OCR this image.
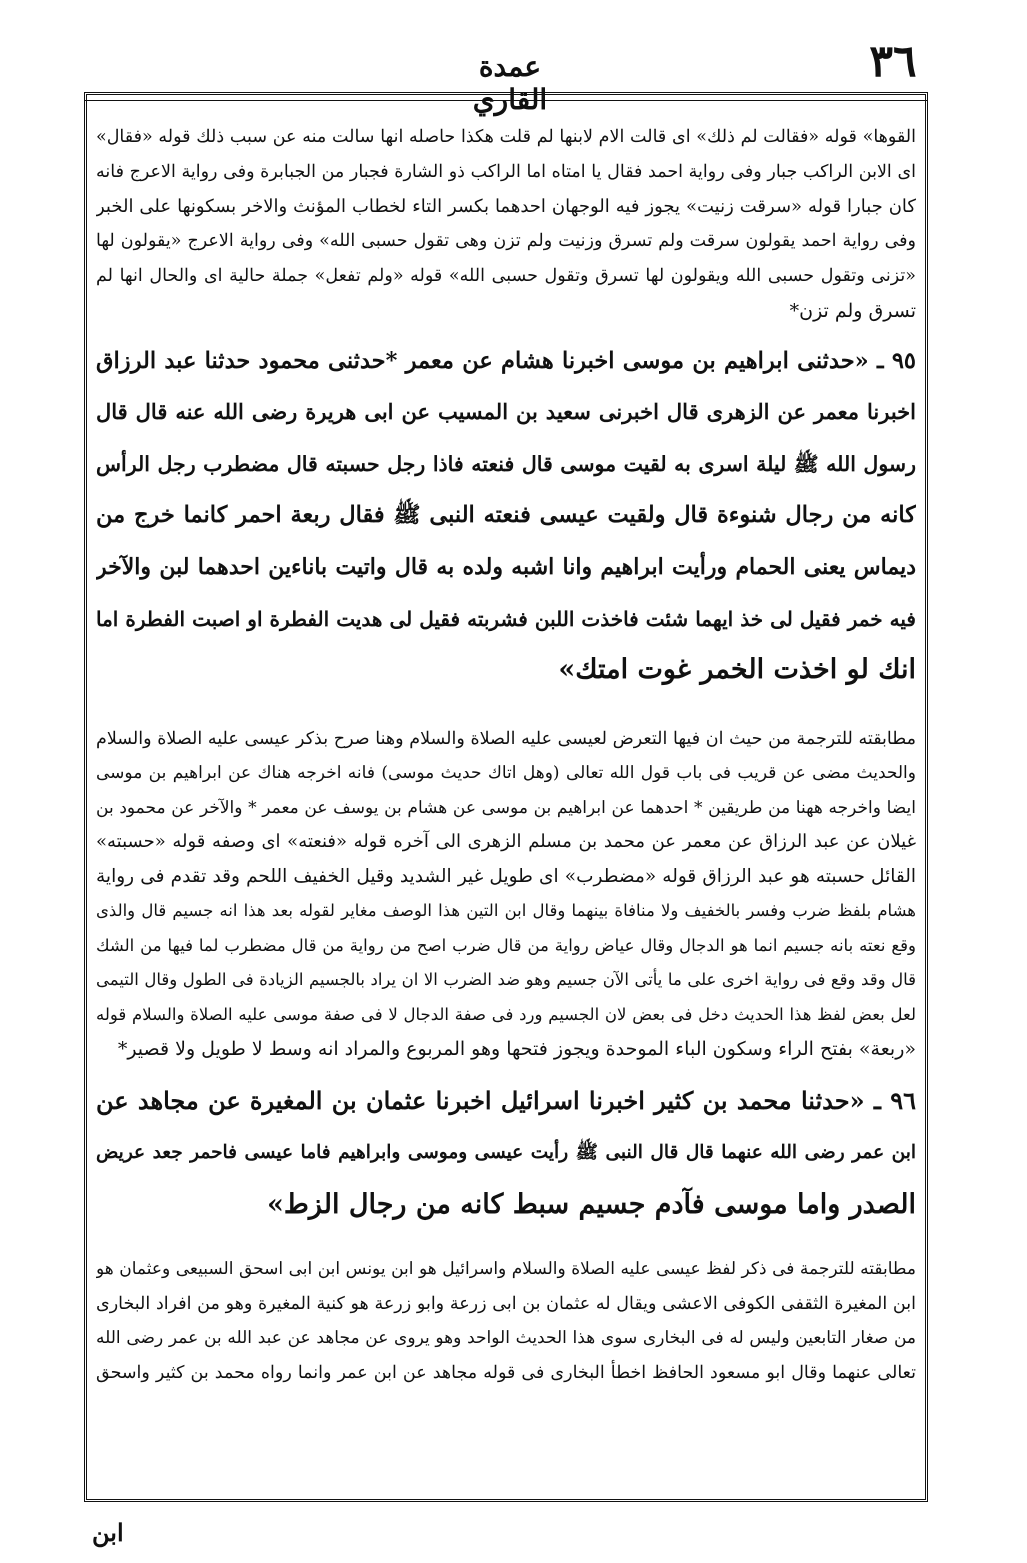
عمدة القاري
٣٦
القوها» قوله «فقالت لم ذلك» اى قالت الام لابنها لم قلت هكذا حاصله انها سالت منه عن سبب ذلك قوله «فقال»
اى الابن الراكب جبار وفى رواية احمد فقال يا امتاه اما الراكب ذو الشارة فجبار من الجبابرة وفى رواية الاعرج فانه
كان جبارا قوله «سرقت زنيت» يجوز فيه الوجهان احدهما بكسر التاء لخطاب المؤنث والاخر بسكونها على الخبر
وفى رواية احمد يقولون سرقت ولم تسرق وزنيت ولم تزن وهى تقول حسبى الله» وفى رواية الاعرج «يقولون لها
«تزنى وتقول حسبى الله ويقولون لها تسرق وتقول حسبى الله» قوله «ولم تفعل» جملة حالية اى والحال انها لم
تسرق ولم تزن*
٩٥ ـ «حدثنى ابراهيم بن موسى اخبرنا هشام عن معمر *حدثنى محمود حدثنا عبد الرزاق
اخبرنا معمر عن الزهرى قال اخبرنى سعيد بن المسيب عن ابى هريرة رضى الله عنه قال قال
رسول الله ﷺ ليلة اسرى به لقيت موسى قال فنعته فاذا رجل حسبته قال مضطرب رجل الرأس
كانه من رجال شنوءة قال ولقيت عيسى فنعته النبى ﷺ فقال ربعة احمر كانما خرج من
ديماس يعنى الحمام ورأيت ابراهيم وانا اشبه ولده به قال واتيت باناءين احدهما لبن والآخر
فيه خمر فقيل لى خذ ايهما شئت فاخذت اللبن فشربته فقيل لى هديت الفطرة او اصبت الفطرة اما
انك لو اخذت الخمر غوت امتك»
مطابقته للترجمة من حيث ان فيها التعرض لعيسى عليه الصلاة والسلام وهنا صرح بذكر عيسى عليه الصلاة والسلام
والحديث مضى عن قريب فى باب قول الله تعالى (وهل اتاك حديث موسى) فانه اخرجه هناك عن ابراهيم بن موسى
ايضا واخرجه ههنا من طريقين * احدهما عن ابراهيم بن موسى عن هشام بن يوسف عن معمر * والآخر عن محمود بن
غيلان عن عبد الرزاق عن معمر عن محمد بن مسلم الزهرى الى آخره قوله «فنعته» اى وصفه قوله «حسبته»
القائل حسبته هو عبد الرزاق قوله «مضطرب» اى طويل غير الشديد وقيل الخفيف اللحم وقد تقدم فى رواية
هشام بلفظ ضرب وفسر بالخفيف ولا منافاة بينهما وقال ابن التين هذا الوصف مغاير لقوله بعد هذا انه جسيم قال والذى
وقع نعته بانه جسيم انما هو الدجال وقال عياض رواية من قال ضرب اصح من رواية من قال مضطرب لما فيها من الشك
قال وقد وقع فى رواية اخرى على ما يأتى الآن جسيم وهو ضد الضرب الا ان يراد بالجسيم الزيادة فى الطول وقال التيمى
لعل بعض لفظ هذا الحديث دخل فى بعض لان الجسيم ورد فى صفة الدجال لا فى صفة موسى عليه الصلاة والسلام قوله
«ربعة» بفتح الراء وسكون الباء الموحدة ويجوز فتحها وهو المربوع والمراد انه وسط لا طويل ولا قصير*
٩٦ ـ «حدثنا محمد بن كثير اخبرنا اسرائيل اخبرنا عثمان بن المغيرة عن مجاهد عن
ابن عمر رضى الله عنهما قال قال النبى ﷺ رأيت عيسى وموسى وابراهيم فاما عيسى فاحمر جعد عريض
الصدر واما موسى فآدم جسيم سبط كانه من رجال الزط»
مطابقته للترجمة فى ذكر لفظ عيسى عليه الصلاة والسلام واسرائيل هو ابن يونس ابن ابى اسحق السبيعى وعثمان هو
ابن المغيرة الثقفى الكوفى الاعشى ويقال له عثمان بن ابى زرعة وابو زرعة هو كنية المغيرة وهو من افراد البخارى
من صغار التابعين وليس له فى البخارى سوى هذا الحديث الواحد وهو يروى عن مجاهد عن عبد الله بن عمر رضى الله
تعالى عنهما وقال ابو مسعود الحافظ اخطأ البخارى فى قوله مجاهد عن ابن عمر وانما رواه محمد بن كثير واسحق
ابن
